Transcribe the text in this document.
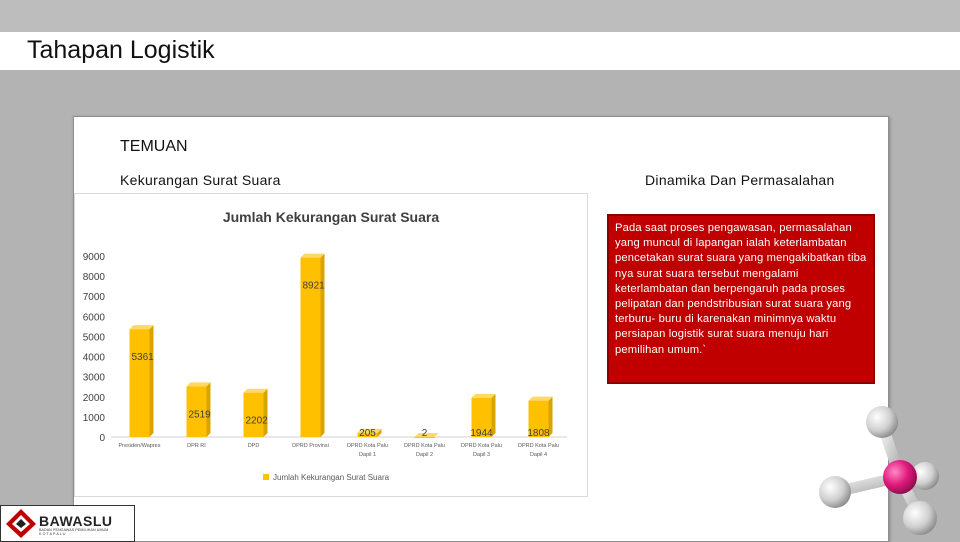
Tahapan Logistik
TEMUAN
Kekurangan Surat Suara	Dinamika Dan Permasalahan
Jumlah Kekurangan Surat Suara
0
1000
2000
3000
4000
5000
6000
7000
8000
9000
5361
2519
2202
8921
205	2	1944	1808
Presiden/Wapres	DPR RI	DPD	DPRD Provinsi	DPRD Kota Palu
Dapil 1
DPRD Kota Palu
Dapil 2
DPRD Kota Palu
Dapil 3
DPRD Kota Palu
Dapil 4
Jumlah Kekurangan Surat Suara
Pada saat proses pengawasan, permasalahan yang muncul di lapangan ialah keterlambatan pencetakan surat suara yang mengakibatkan tiba nya surat suara tersebut mengalami keterlambatan dan berpengaruh pada proses pelipatan dan pendstribusian surat suara yang terburu- buru di karenakan minimnya waktu persiapan logistik surat suara menuju hari pemilihan umum.`
BAWASLU
BADAN PENGAWAS PEMILIHAN UMUM
K O T A P A L U
